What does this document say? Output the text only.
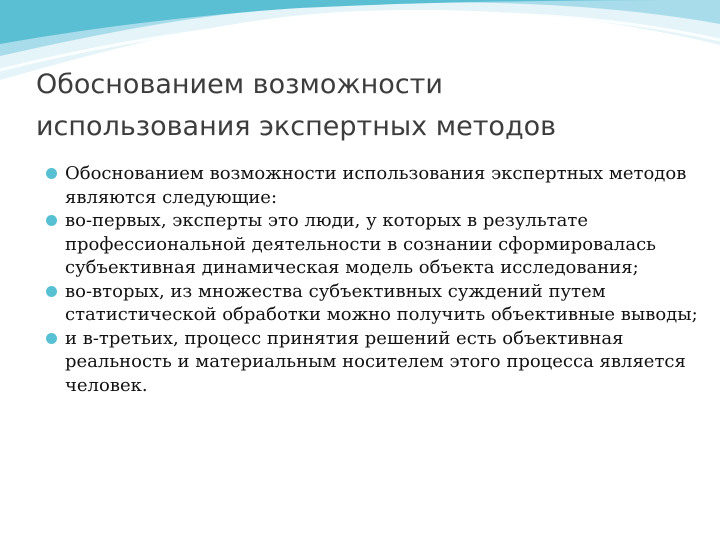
Обоснованием возможности
использования экспертных методов
Обоснованием возможности использования экспертных методов являются следующие:
во-первых, эксперты это люди, у которых в результате профессиональной деятельности в сознании сформировалась субъективная динамическая модель объекта исследования;
во-вторых, из множества субъективных суждений путем статистической обработки можно получить объективные выводы;
и в-третьих, процесс принятия решений есть объективная реальность и материальным носителем этого процесса является человек.
